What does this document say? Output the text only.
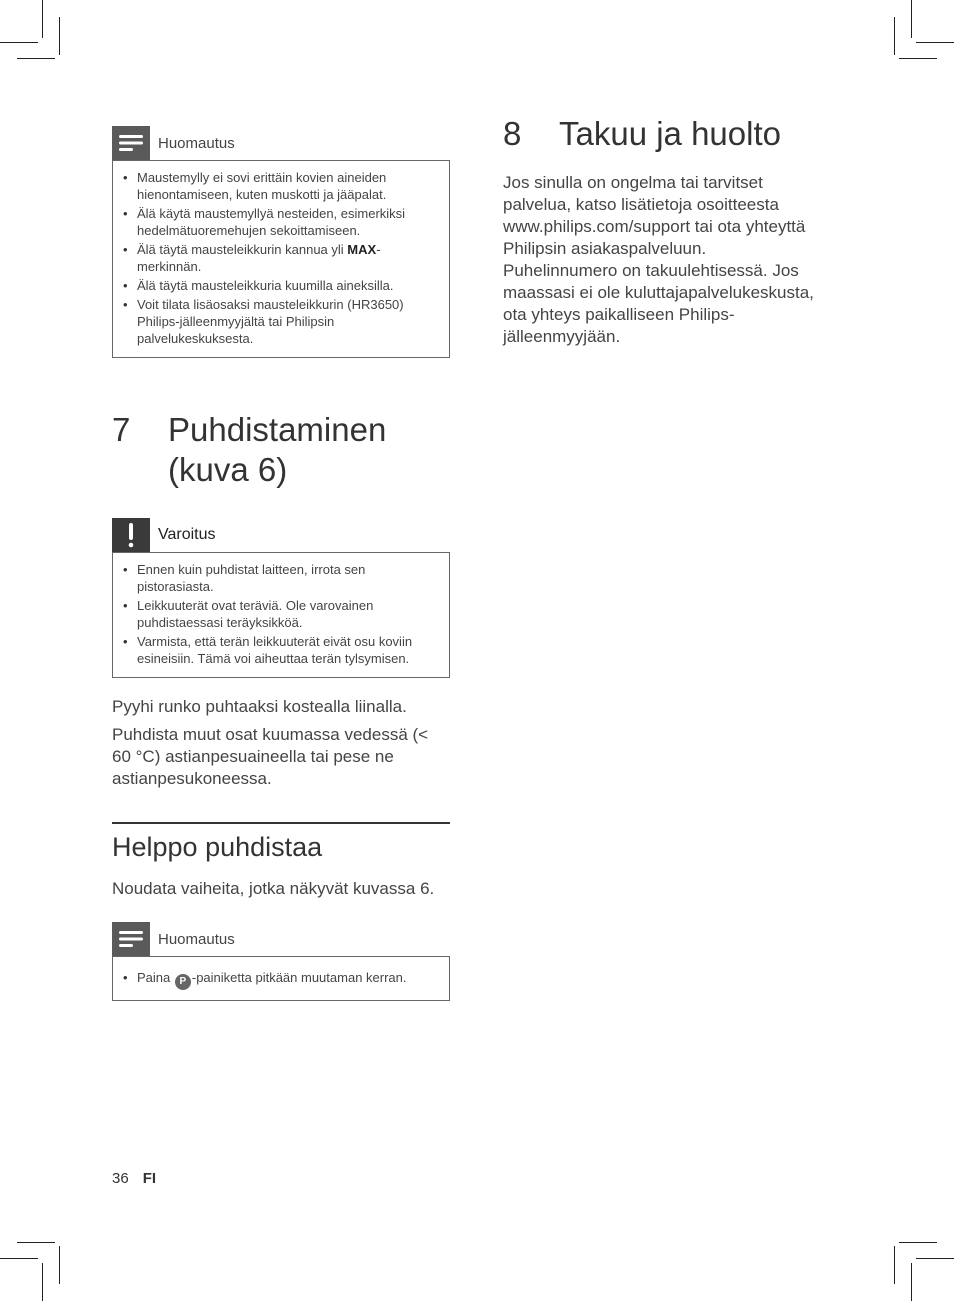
Huomautus
• Maustemylly ei sovi erittäin kovien aineiden hienontamiseen, kuten muskotti ja jääpalat.
• Älä käytä maustemyllyä nesteiden, esimerkiksi hedelmätuoremehujen sekoittamiseen.
• Älä täytä mausteleikkurin kannua yli MAX-merkinnän.
• Älä täytä mausteleikkuria kuumilla aineksilla.
• Voit tilata lisäosaksi mausteleikkurin (HR3650) Philips-jälleenmyyjältä tai Philipsin palvelukeskuksesta.
7	Puhdistaminen
(kuva 6)
Varoitus
• Ennen kuin puhdistat laitteen, irrota sen pistorasiasta.
• Leikkuuterät ovat teräviä. Ole varovainen puhdistaessasi teräyksikköä.
• Varmista, että terän leikkuuterät eivät osu koviin esineisiin. Tämä voi aiheuttaa terän tylsymisen.

Pyyhi runko puhtaaksi kostealla liinalla.

Puhdista muut osat kuumassa vedessä (< 60 °C) astianpesuaineella tai pese ne astianpesukoneessa.

Helppo puhdistaa

Noudata vaiheita, jotka näkyvät kuvassa 6.

Huomautus
• Paina P -painiketta pitkään muutaman kerran.
8	Takuu ja huolto

Jos sinulla on ongelma tai tarvitset palvelua, katso lisätietoja osoitteesta www.philips.com/support tai ota yhteyttä Philipsin asiakaspalveluun. Puhelinnumero on takuulehtisessä. Jos maassasi ei ole kuluttajapalvelukeskusta, ota yhteys paikalliseen Philips-jälleenmyyjään.

36 FI
